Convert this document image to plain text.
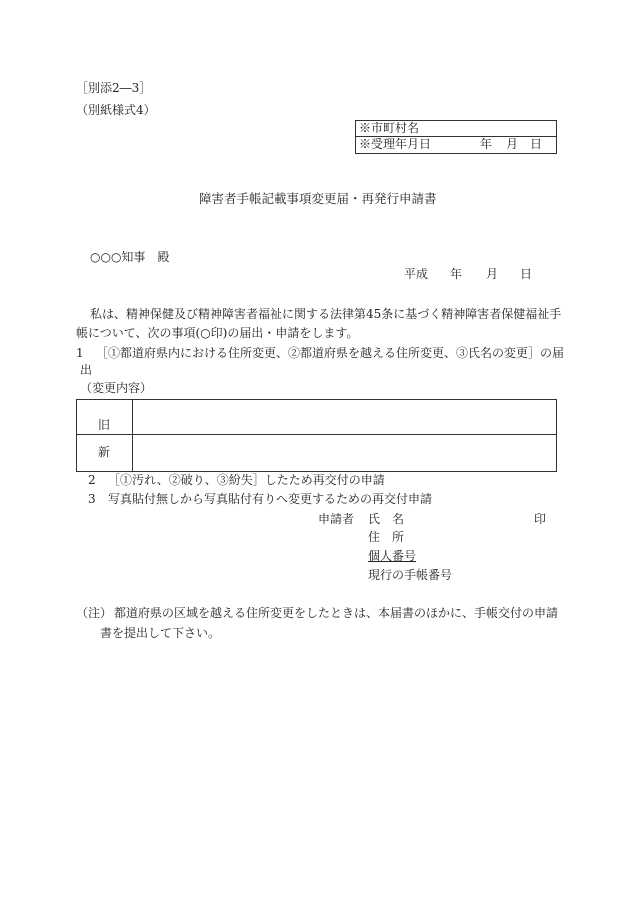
［別添2―3］
（別紙様式4）
※市町村名
※受理年月日	年 月 日
障害者手帳記載事項変更届・再発行申請書
○○○知事　殿
平成 年 月 日
私は、精神保健及び精神障害者福祉に関する法律第45条に基づく精神障害者保健福祉手
帳について、次の事項(○印)の届出・申請をします。
1 ［①都道府県内における住所変更、②都道府県を越える住所変更、③氏名の変更］の届
出
（変更内容）
旧
新
2 ［①汚れ、②破り、③紛失］したため再交付の申請
3 写真貼付無しから写真貼付有りへ変更するための再交付申請
申請者 氏　名	印
住　所
個人番号
現行の手帳番号
（注） 都道府県の区域を越える住所変更をしたときは、本届書のほかに、手帳交付の申請
書を提出して下さい。
